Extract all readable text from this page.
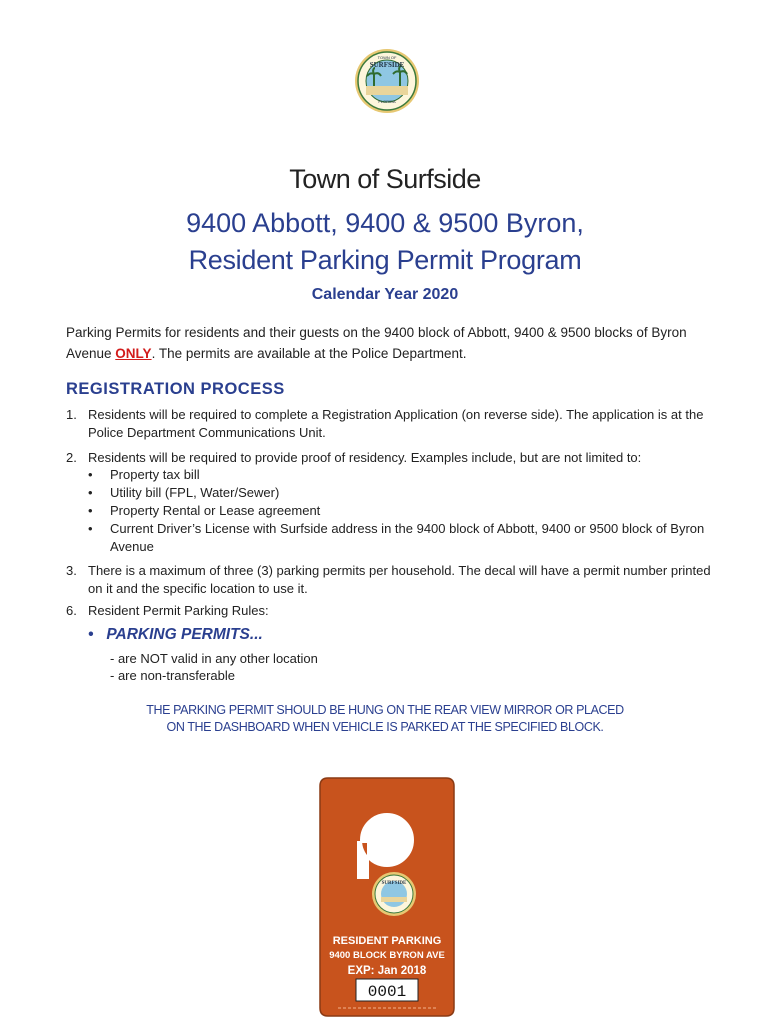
TOWN OF
SURFSIDE
FLORIDA
Town of Surfside
9400 Abbott, 9400 & 9500 Byron,
Resident Parking Permit Program
Calendar Year 2020
Parking Permits for residents and their guests on the 9400 block of Abbott, 9400 & 9500 blocks of Byron Avenue ONLY. The permits are available at the Police Department.
REGISTRATION PROCESS
1. Residents will be required to complete a Registration Application (on reverse side). The application is at the Police Department Communications Unit.
2. Residents will be required to provide proof of residency. Examples include, but are not limited to:
• Property tax bill
• Utility bill (FPL, Water/Sewer)
• Property Rental or Lease agreement
• Current Driver’s License with Surfside address in the 9400 block of Abbott, 9400 or 9500 block of Byron Avenue
3. There is a maximum of three (3) parking permits per household. The decal will have a permit number printed on it and the specific location to use it.
6. Resident Permit Parking Rules:
• PARKING PERMITS...
- are NOT valid in any other location
- are non-transferable
THE PARKING PERMIT SHOULD BE HUNG ON THE REAR VIEW MIRROR OR PLACED
ON THE DASHBOARD WHEN VEHICLE IS PARKED AT THE SPECIFIED BLOCK.
SURFSIDE
RESIDENT PARKING
9400 BLOCK BYRON AVE
EXP: Jan 2018
0001
